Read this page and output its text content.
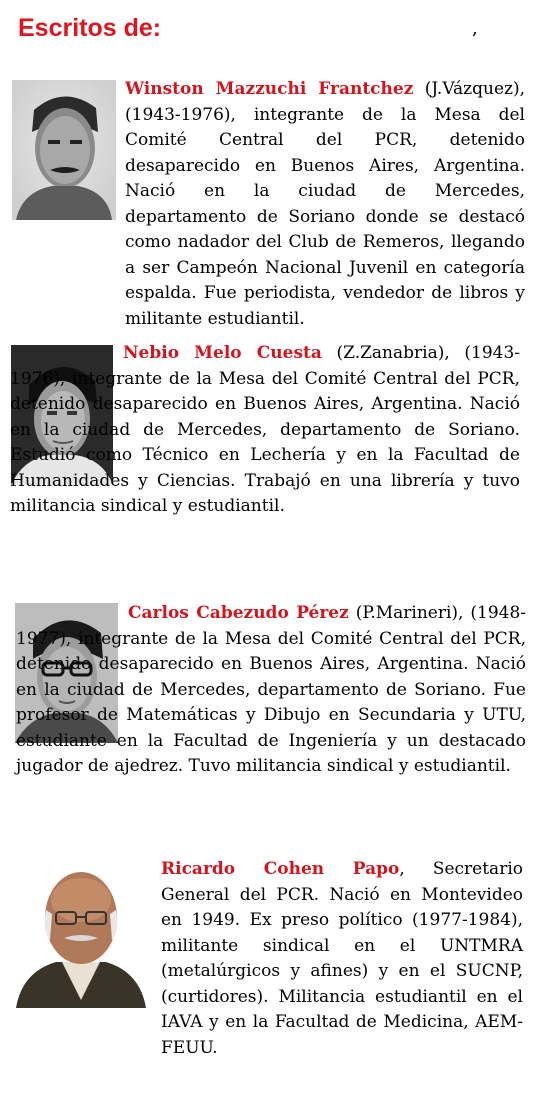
Escritos de:	,

Winston Mazzuchi Frantchez (J.Vázquez), (1943-1976), integrante de la Mesa del Comité Central del PCR, detenido desaparecido en Buenos Aires, Argentina. Nació en la ciudad de Mercedes, departamento de Soriano donde se destacó como nadador del Club de Remeros, llegando a ser Campeón Nacional Juvenil en categoría espalda. Fue periodista, vendedor de libros y militante estudiantil.

Nebio Melo Cuesta (Z.Zanabria), (1943-1976), integrante de la Mesa del Comité Central del PCR, detenido desaparecido en Buenos Aires, Argentina. Nació en la ciudad de Mercedes, departamento de Soriano. Estudió como Técnico en Lechería y en la Facultad de Humanidades y Ciencias. Trabajó en una librería y tuvo militancia sindical y estudiantil.

Carlos Cabezudo Pérez (P.Marineri), (1948-1977), integrante de la Mesa del Comité Central del PCR, detenido desaparecido en Buenos Aires, Argentina. Nació en la ciudad de Mercedes, departamento de Soriano. Fue profesor de Matemáticas y Dibujo en Secundaria y UTU, estudiante en la Facultad de Ingeniería y un destacado jugador de ajedrez. Tuvo militancia sindical y estudiantil.

Ricardo Cohen Papo, Secretario General del PCR. Nació en Montevideo en 1949. Ex preso político (1977-1984), militante sindical en el UNTMRA (metalúrgicos y afines) y en el SUCNP, (curtidores). Militancia estudiantil en el IAVA y en la Facultad de Medicina, AEM-FEUU.
